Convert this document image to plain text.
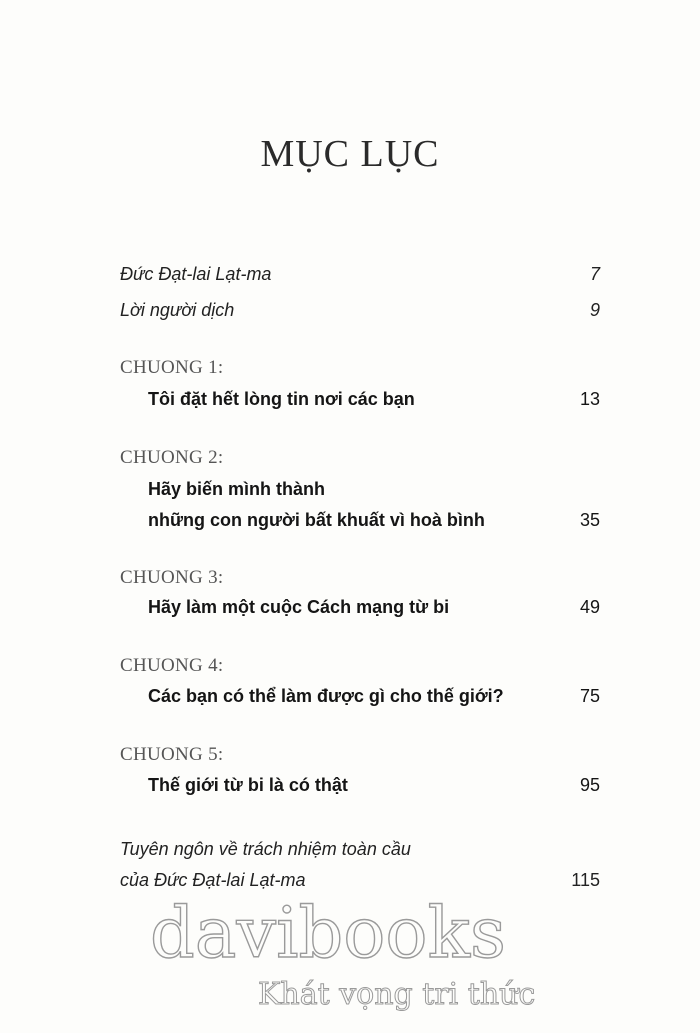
MỤC LỤC
Đức Đạt-lai Lạt-ma	7
Lời người dịch	9
CHUONG 1:
Tôi đặt hết lòng tin nơi các bạn	13
CHUONG 2:
Hãy biến mình thành
những con người bất khuất vì hoà bình	35
CHUONG 3:
Hãy làm một cuộc Cách mạng từ bi	49
CHUONG 4:
Các bạn có thể làm được gì cho thế giới?	75
CHUONG 5:
Thế giới từ bi là có thật	95
Tuyên ngôn về trách nhiệm toàn cầu
của Đức Đạt-lai Lạt-ma	115
davibooks
Khát vọng tri thức
